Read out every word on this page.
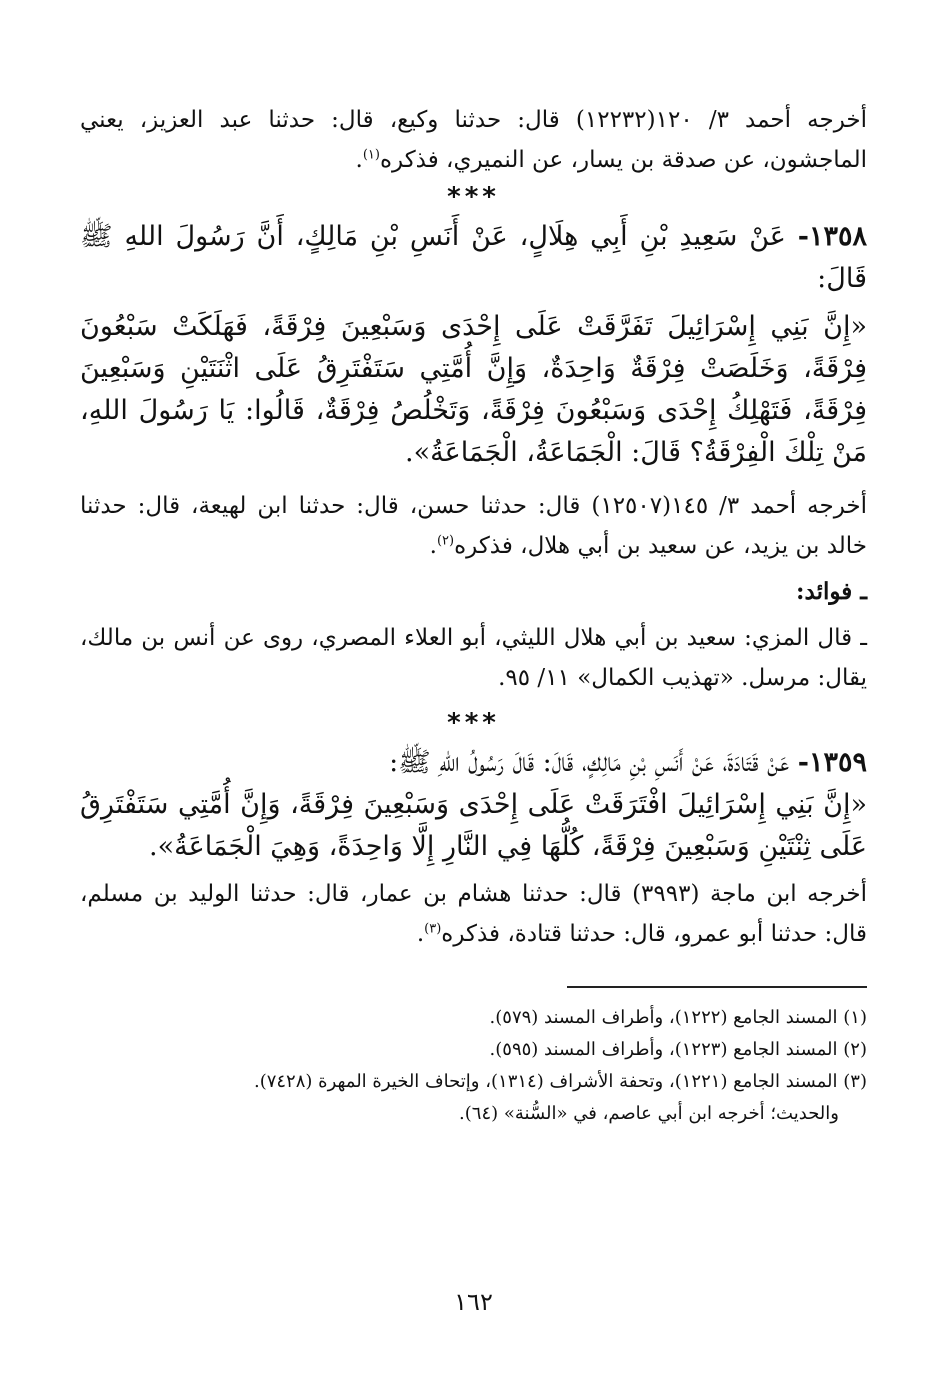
أخرجه أحمد ٣/ ١٢٠(١٢٢٣٢) قال: حدثنا وكيع، قال: حدثنا عبد العزيز، يعني الماجشون، عن صدقة بن يسار، عن النميري، فذكره$^{(١)}$.

***

١٣٥٨- عَنْ سَعِيدِ بْنِ أَبِي هِلَالٍ، عَنْ أَنَسِ بْنِ مَالِكٍ، أَنَّ رَسُولَ اللهِ ﷺ قَالَ:

«إِنَّ بَنِي إِسْرَائِيلَ تَفَرَّقَتْ عَلَى إِحْدَى وَسَبْعِينَ فِرْقَةً، فَهَلَكَتْ سَبْعُونَ فِرْقَةً، وَخَلَصَتْ فِرْقَةٌ وَاحِدَةٌ، وَإِنَّ أُمَّتِي سَتَفْتَرِقُ عَلَى اثْنَتَيْنِ وَسَبْعِينَ فِرْقَةً، فَتَهْلِكُ إِحْدَى وَسَبْعُونَ فِرْقَةً، وَتَخْلُصُ فِرْقَةٌ، قَالُوا: يَا رَسُولَ اللهِ، مَنْ تِلْكَ الْفِرْقَةُ؟ قَالَ: الْجَمَاعَةُ، الْجَمَاعَةُ».

أخرجه أحمد ٣/ ١٤٥(١٢٥٠٧) قال: حدثنا حسن، قال: حدثنا ابن لهيعة، قال: حدثنا خالد بن يزيد، عن سعيد بن أبي هلال، فذكره$^{(٢)}$.

ـ فوائد:

ـ قال المزي: سعيد بن أبي هلال الليثي، أبو العلاء المصري، روى عن أنس بن مالك، يقال: مرسل. «تهذيب الكمال» ١١/ ٩٥.

***

١٣٥٩- عَنْ قَتَادَةَ، عَنْ أَنَسِ بْنِ مَالِكٍ، قَالَ: قَالَ رَسُولُ اللهِ ﷺ:

«إِنَّ بَنِي إِسْرَائِيلَ افْتَرَقَتْ عَلَى إِحْدَى وَسَبْعِينَ فِرْقَةً، وَإِنَّ أُمَّتِي سَتَفْتَرِقُ عَلَى ثِنْتَيْنِ وَسَبْعِينَ فِرْقَةً، كُلُّهَا فِي النَّارِ إِلَّا وَاحِدَةً، وَهِيَ الْجَمَاعَةُ».

أخرجه ابن ماجة (٣٩٩٣) قال: حدثنا هشام بن عمار، قال: حدثنا الوليد بن مسلم، قال: حدثنا أبو عمرو، قال: حدثنا قتادة، فذكره$^{(٣)}$.

(١) المسند الجامع (١٢٢٢)، وأطراف المسند (٥٧٩).

(٢) المسند الجامع (١٢٢٣)، وأطراف المسند (٥٩٥).

(٣) المسند الجامع (١٢٢١)، وتحفة الأشراف (١٣١٤)، وإتحاف الخيرة المهرة (٧٤٢٨).

والحديث؛ أخرجه ابن أبي عاصم، في «السُّنة» (٦٤).

١٦٢
